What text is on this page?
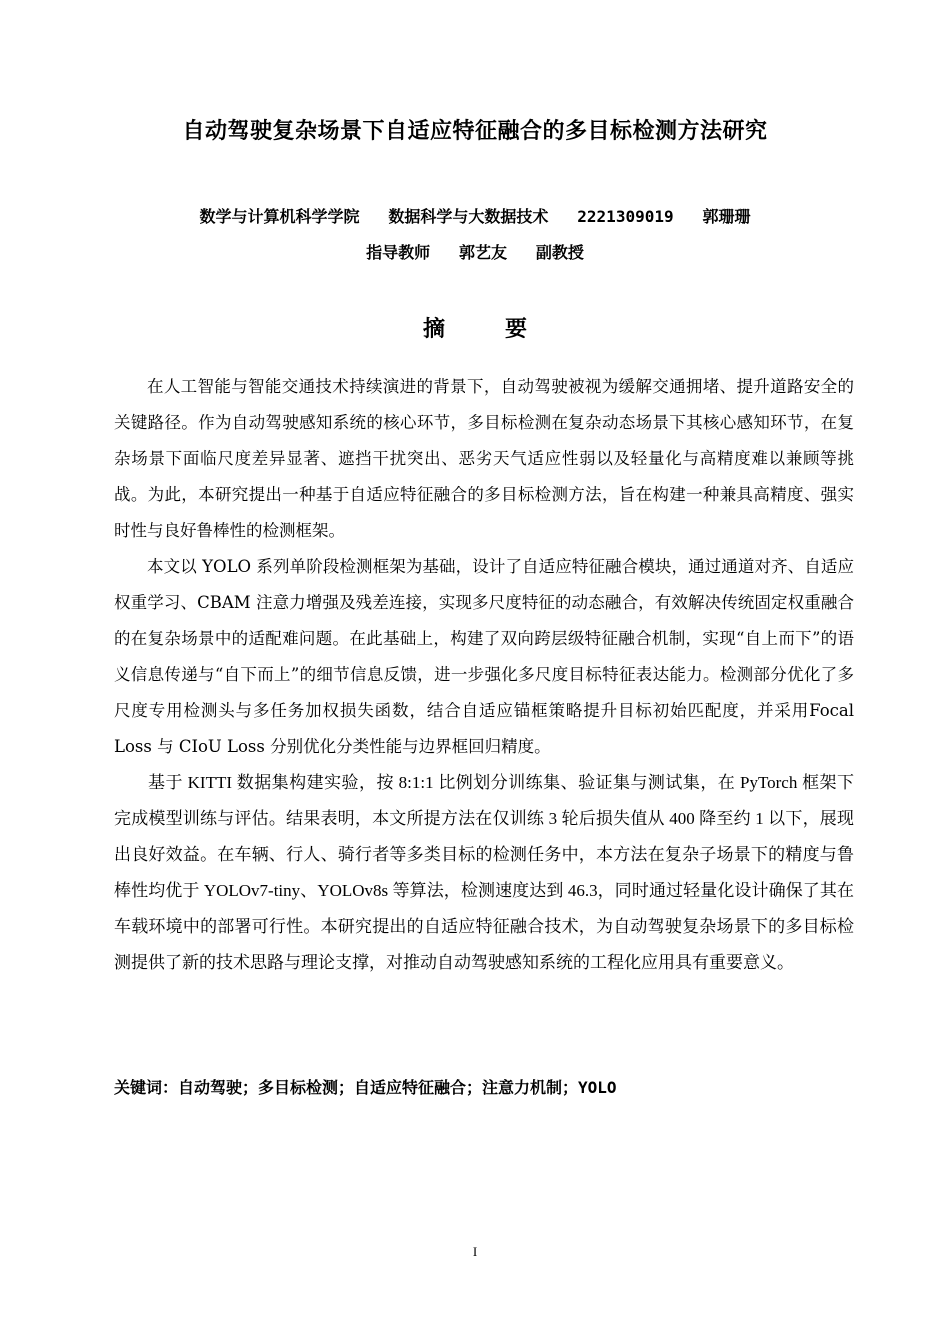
自动驾驶复杂场景下自适应特征融合的多目标检测方法研究
数学与计算机科学学院   数据科学与大数据技术   2221309019   郭珊珊
指导教师   郭艺友   副教授
摘要

在人工智能与智能交通技术持续演进的背景下，自动驾驶被视为缓解交通拥堵、提升道路安全的关键路径。作为自动驾驶感知系统的核心环节，多目标检测在复杂动态场景下其核心感知环节，在复杂场景下面临尺度差异显著、遮挡干扰突出、恶劣天气适应性弱以及轻量化与高精度难以兼顾等挑战。为此，本研究提出一种基于自适应特征融合的多目标检测方法，旨在构建一种兼具高精度、强实时性与良好鲁棒性的检测框架。

本文以 YOLO 系列单阶段检测框架为基础，设计了自适应特征融合模块，通过通道对齐、自适应权重学习、CBAM 注意力增强及残差连接，实现多尺度特征的动态融合，有效解决传统固定权重融合的在复杂场景中的适配难问题。在此基础上，构建了双向跨层级特征融合机制，实现“自上而下”的语义信息传递与“自下而上”的细节信息反馈，进一步强化多尺度目标特征表达能力。检测部分优化了多尺度专用检测头与多任务加权损失函数，结合自适应锚框策略提升目标初始匹配度，并采用Focal Loss 与 CIoU Loss 分别优化分类性能与边界框回归精度。

基于 KITTI 数据集构建实验，按 8:1:1 比例划分训练集、验证集与测试集，在 PyTorch 框架下完成模型训练与评估。结果表明，本文所提方法在仅训练 3 轮后损失值从 400 降至约 1 以下，展现出良好效益。在车辆、行人、骑行者等多类目标的检测任务中，本方法在复杂子场景下的精度与鲁棒性均优于 YOLOv7-tiny、YOLOv8s 等算法，检测速度达到 46.3，同时通过轻量化设计确保了其在车载环境中的部署可行性。本研究提出的自适应特征融合技术，为自动驾驶复杂场景下的多目标检测提供了新的技术思路与理论支撑，对推动自动驾驶感知系统的工程化应用具有重要意义。

关键词：自动驾驶；多目标检测；自适应特征融合；注意力机制；YOLO
I
